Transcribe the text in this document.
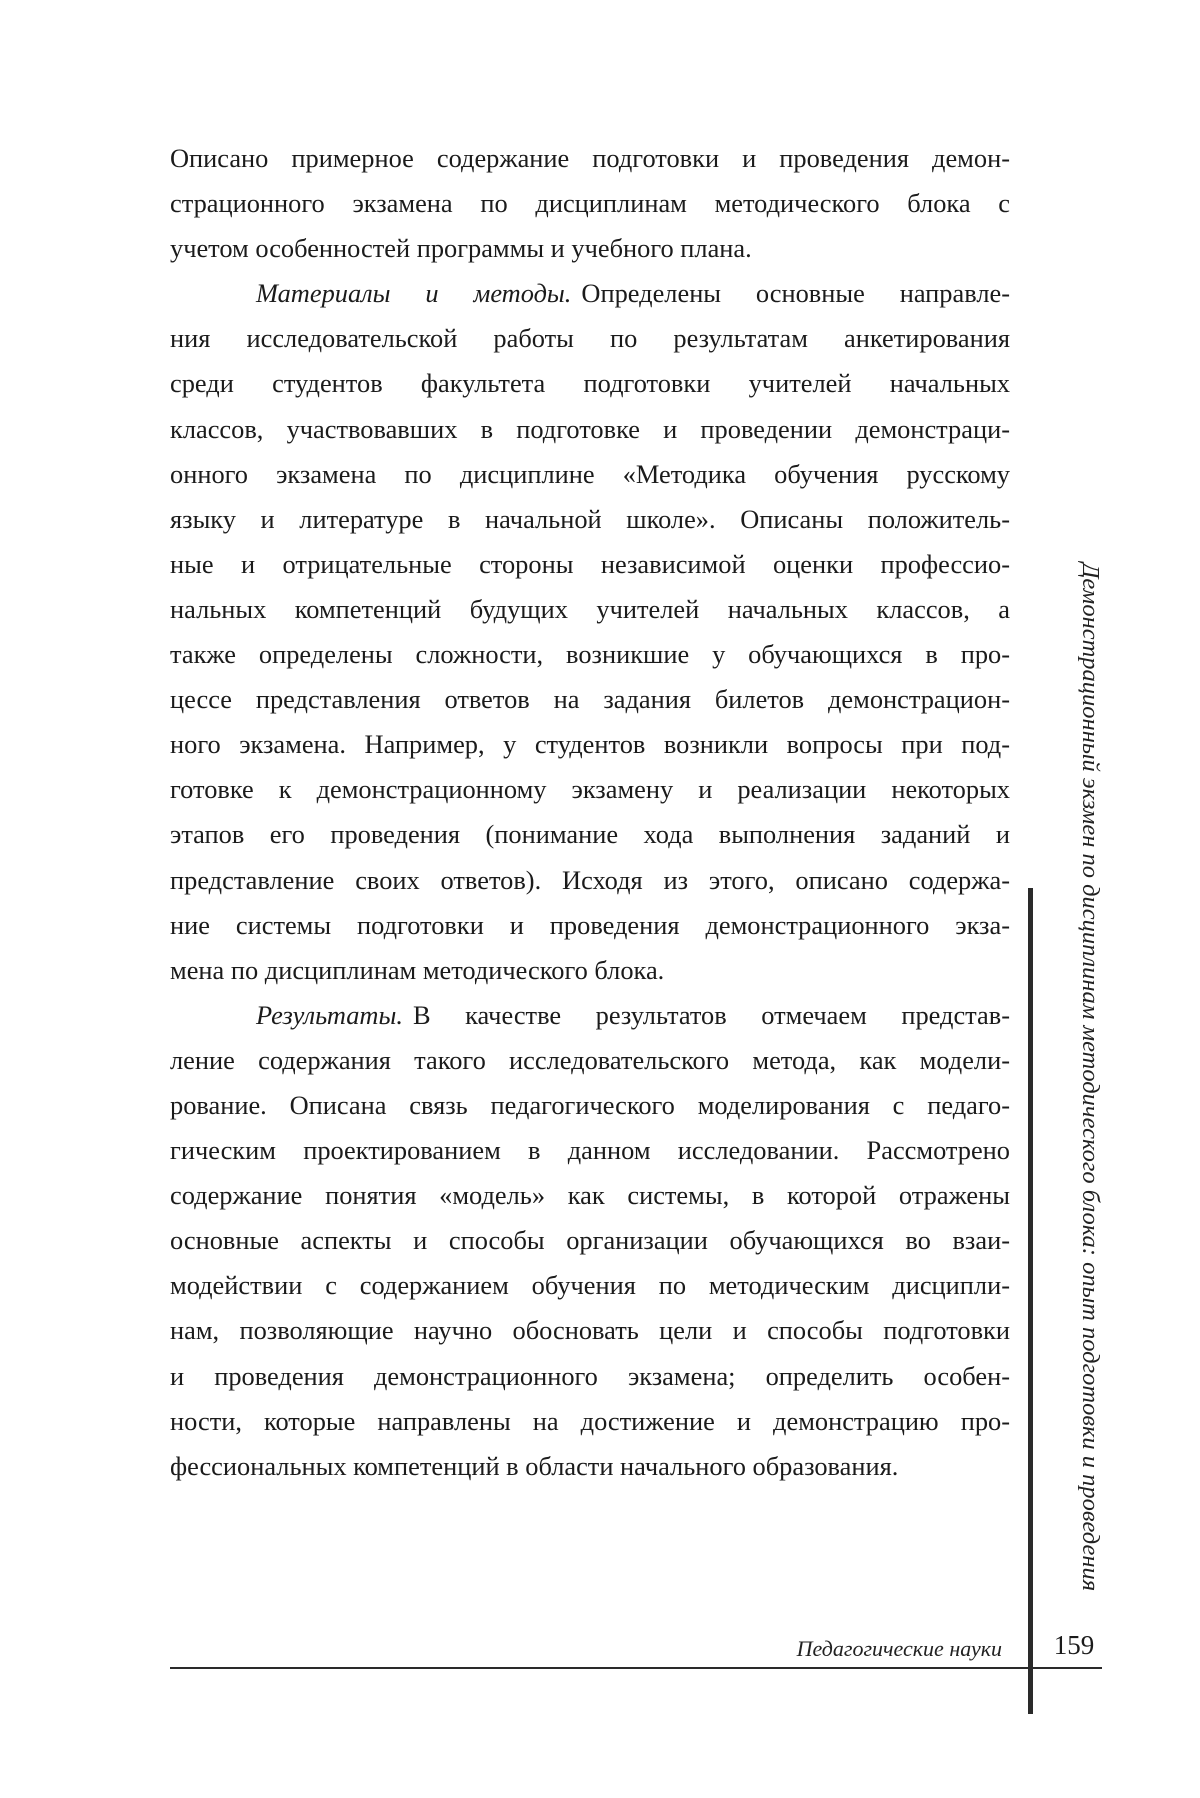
Описано примерное содержание подготовки и проведения демон-
страционного экзамена по дисциплинам методического блока с
учетом особенностей программы и учебного плана.
Материалы и методы. Определены основные направле-
ния исследовательской работы по результатам анкетирования
среди студентов факультета подготовки учителей начальных
классов, участвовавших в подготовке и проведении демонстраци-
онного экзамена по дисциплине «Методика обучения русскому
языку и литературе в начальной школе». Описаны положитель-
ные и отрицательные стороны независимой оценки профессио-
нальных компетенций будущих учителей начальных классов, а
также определены сложности, возникшие у обучающихся в про-
цессе представления ответов на задания билетов демонстрацион-
ного экзамена. Например, у студентов возникли вопросы при под-
готовке к демонстрационному экзамену и реализации некоторых
этапов его проведения (понимание хода выполнения заданий и
представление своих ответов). Исходя из этого, описано содержа-
ние системы подготовки и проведения демонстрационного экза-
мена по дисциплинам методического блока.
Результаты. В качестве результатов отмечаем представ-
ление содержания такого исследовательского метода, как модели-
рование. Описана связь педагогического моделирования с педаго-
гическим проектированием в данном исследовании. Рассмотрено
содержание понятия «модель» как системы, в которой отражены
основные аспекты и способы организации обучающихся во взаи-
модействии с содержанием обучения по методическим дисципли-
нам, позволяющие научно обосновать цели и способы подготовки
и проведения демонстрационного экзамена; определить особен-
ности, которые направлены на достижение и демонстрацию про-
фессиональных компетенций в области начального образования.	Демонстрационный экзмен по дисциплинам методического блока: опыт подготовки и проведения
Педагогические науки 159
